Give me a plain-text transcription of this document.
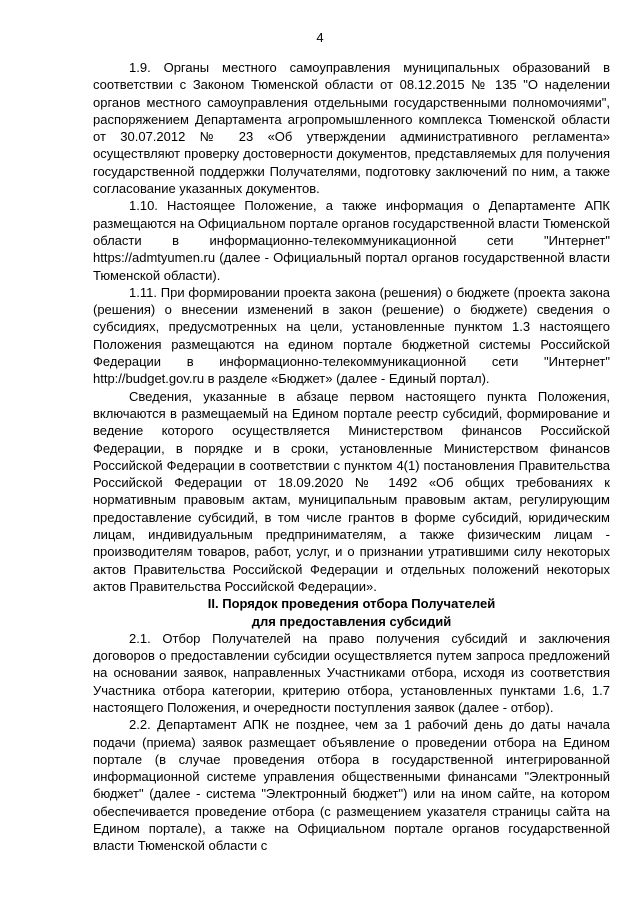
4

1.9. Органы местного самоуправления муниципальных образований в соответствии с Законом Тюменской области от 08.12.2015 № 135 "О наделении органов местного самоуправления отдельными государственными полномочиями", распоряжением Департамента агропромышленного комплекса Тюменской области от 30.07.2012 № 23 «Об утверждении административного регламента» осуществляют проверку достоверности документов, представляемых для получения государственной поддержки Получателями, подготовку заключений по ним, а также согласование указанных документов.

1.10. Настоящее Положение, а также информация о Департаменте АПК размещаются на Официальном портале органов государственной власти Тюменской области в информационно-телекоммуникационной сети "Интернет" https://admtyumen.ru (далее - Официальный портал органов государственной власти Тюменской области).

1.11. При формировании проекта закона (решения) о бюджете (проекта закона (решения) о внесении изменений в закон (решение) о бюджете) сведения о субсидиях, предусмотренных на цели, установленные пунктом 1.3 настоящего Положения размещаются на едином портале бюджетной системы Российской Федерации в информационно-телекоммуникационной сети "Интернет" http://budget.gov.ru в разделе «Бюджет» (далее - Единый портал).

Сведения, указанные в абзаце первом настоящего пункта Положения, включаются в размещаемый на Едином портале реестр субсидий, формирование и ведение которого осуществляется Министерством финансов Российской Федерации, в порядке и в сроки, установленные Министерством финансов Российской Федерации в соответствии с пунктом 4(1) постановления Правительства Российской Федерации от 18.09.2020 № 1492 «Об общих требованиях к нормативным правовым актам, муниципальным правовым актам, регулирующим предоставление субсидий, в том числе грантов в форме субсидий, юридическим лицам, индивидуальным предпринимателям, а также физическим лицам - производителям товаров, работ, услуг, и о признании утратившими силу некоторых актов Правительства Российской Федерации и отдельных положений некоторых актов Правительства Российской Федерации».

II. Порядок проведения отбора Получателей

для предоставления субсидий

2.1. Отбор Получателей на право получения субсидий и заключения договоров о предоставлении субсидии осуществляется путем запроса предложений на основании заявок, направленных Участниками отбора, исходя из соответствия Участника отбора категории, критерию отбора, установленных пунктами 1.6, 1.7 настоящего Положения, и очередности поступления заявок (далее - отбор).

2.2. Департамент АПК не позднее, чем за 1 рабочий день до даты начала подачи (приема) заявок размещает объявление о проведении отбора на Едином портале (в случае проведения отбора в государственной интегрированной информационной системе управления общественными финансами "Электронный бюджет" (далее - система "Электронный бюджет") или на ином сайте, на котором обеспечивается проведение отбора (с размещением указателя страницы сайта на Едином портале), а также на Официальном портале органов государственной власти Тюменской области с
